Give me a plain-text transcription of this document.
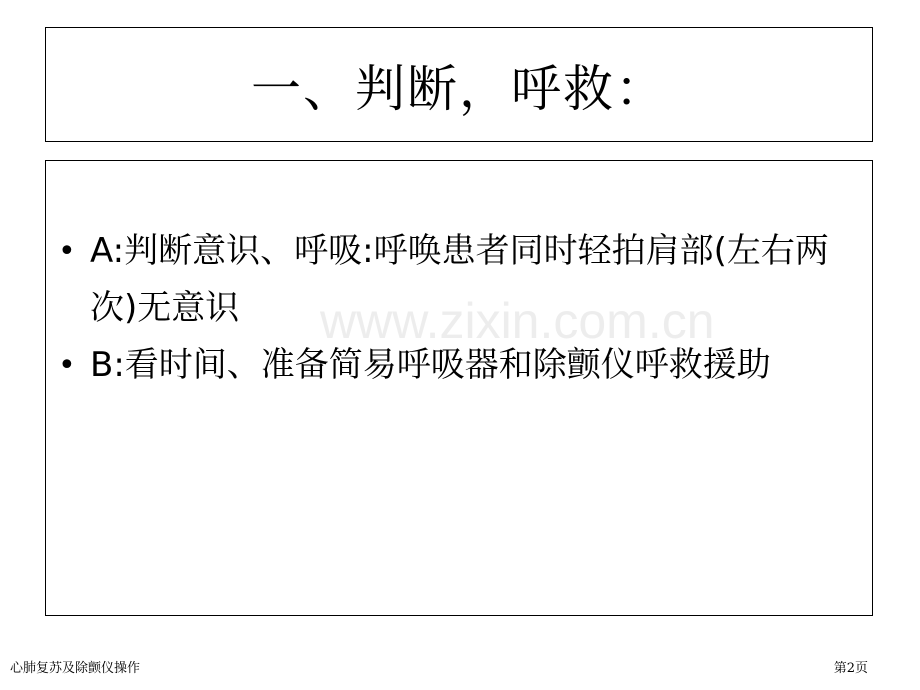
一、判断，呼救：
• A:判断意识、呼吸:呼唤患者同时轻拍肩部(左右两次)无意识
• B:看时间、准备简易呼吸器和除颤仪呼救援助
www.zixin.com.cn
心肺复苏及除颤仪操作	第2页
